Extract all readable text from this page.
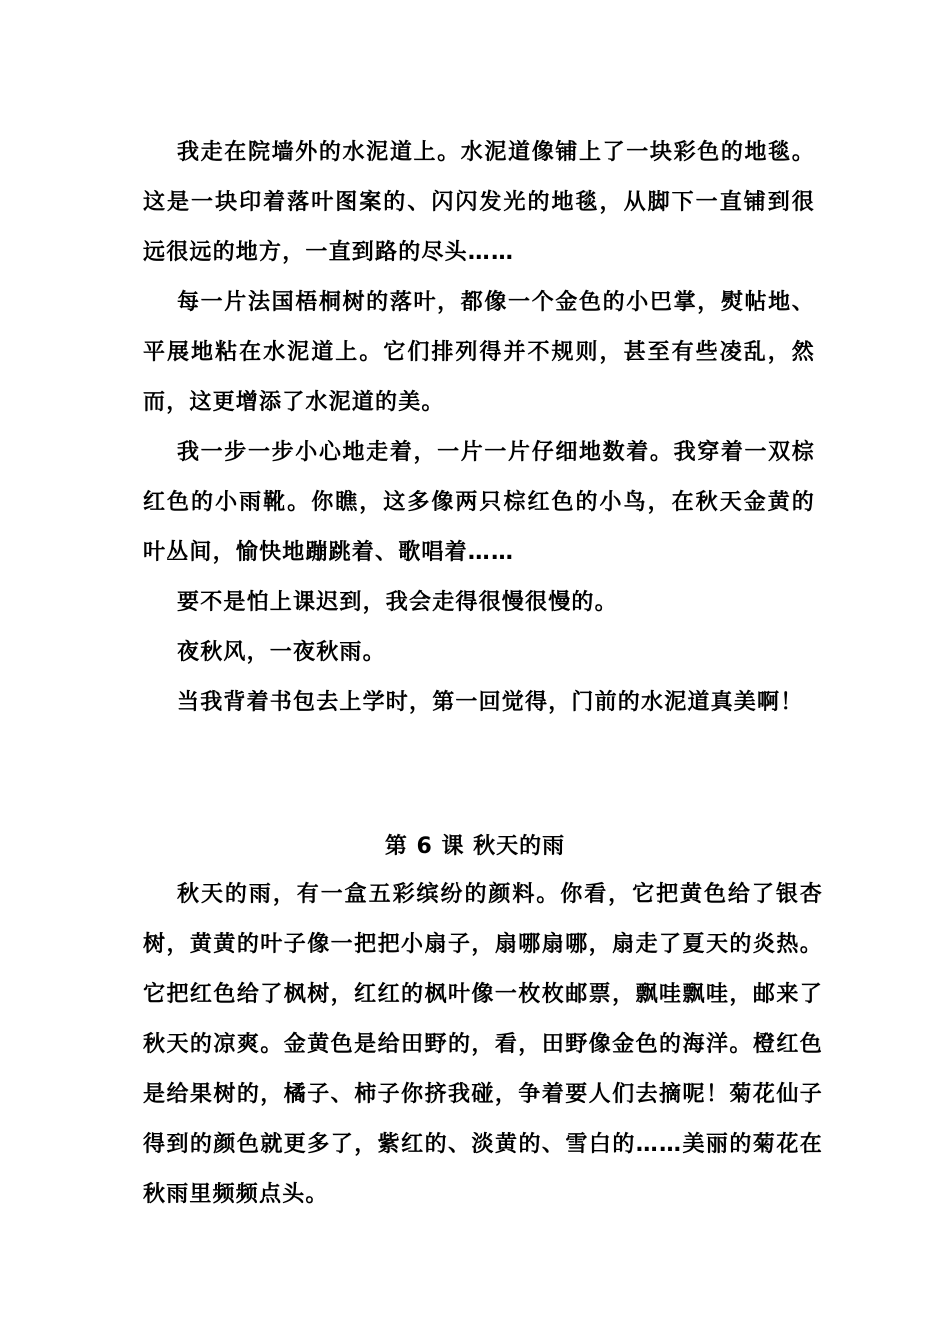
我走在院墙外的水泥道上。水泥道像铺上了一块彩色的地毯。这是一块印着落叶图案的、闪闪发光的地毯，从脚下一直铺到很远很远的地方，一直到路的尽头……

每一片法国梧桐树的落叶，都像一个金色的小巴掌，熨帖地、平展地粘在水泥道上。它们排列得并不规则，甚至有些凌乱，然而，这更增添了水泥道的美。

我一步一步小心地走着，一片一片仔细地数着。我穿着一双棕红色的小雨靴。你瞧，这多像两只棕红色的小鸟，在秋天金黄的叶丛间，愉快地蹦跳着、歌唱着……

要不是怕上课迟到，我会走得很慢很慢的。

夜秋风，一夜秋雨。

当我背着书包去上学时，第一回觉得，门前的水泥道真美啊！

第 6 课 秋天的雨

秋天的雨，有一盒五彩缤纷的颜料。你看，它把黄色给了银杏树，黄黄的叶子像一把把小扇子，扇哪扇哪，扇走了夏天的炎热。它把红色给了枫树，红红的枫叶像一枚枚邮票，飘哇飘哇，邮来了秋天的凉爽。金黄色是给田野的，看，田野像金色的海洋。橙红色是给果树的，橘子、柿子你挤我碰，争着要人们去摘呢！菊花仙子得到的颜色就更多了，紫红的、淡黄的、雪白的……美丽的菊花在秋雨里频频点头。
